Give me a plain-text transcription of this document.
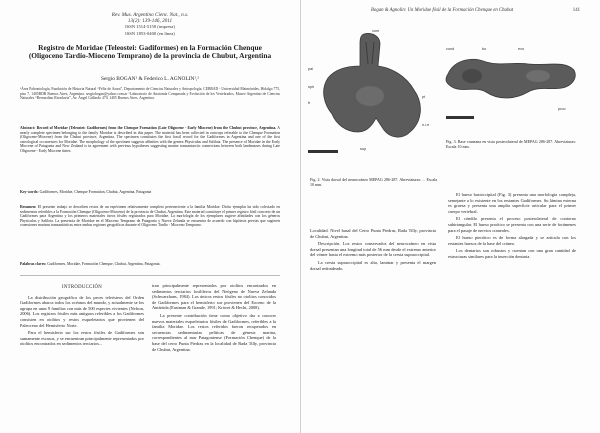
Rev. Mus. Argentino Cienc. Nat., n.s.
13(2): 139-146, 2011
ISSN 1514-5158 (impresa)
ISSN 1853-0400 (en línea)
Registro de Moridae (Teleostei: Gadiformes) en la Formación Chenque (Oligoceno Tardío-Mioceno Temprano) de la provincia de Chubut, Argentina
Sergio BOGAN¹ & Federico L. AGNOLIN¹,²
¹Área Paleontología, Fundación de Historia Natural “Félix de Azara”, Departamento de Ciencias Naturales y Antropología, CEBBAD - Universidad Maimónides, Hidalgo 775, piso 7, 1405BDB Buenos Aires, Argentina. sergiobogan@yahoo.com.ar ²Laboratorio de Anatomía Comparada y Evolución de los Vertebrados, Museo Argentino de Ciencias Naturales “Bernardino Rivadavia”, Av. Ángel Gallardo 470, 1405 Buenos Aires, Argentina.
Abstract: Record of Moridae (Teleostei: Gadiformes) from the Chenque Formation (Late Oligocene - Early Miocene) from the Chubut province, Argentina. A nearly complete specimen belonging to the family Moridae is described in this paper. The material has been collected in outcrops referable to the Chenque Formation (Oligocene-Miocene) from the Chubut province, Argentina. The specimen constitutes the first fossil record for the Gadiformes in Argentina and one of the first osteological occurrences for Moridae. The morphology of the specimen suggests affinities with the genera Physiculus and Salilota. The presence of Moridae in the Early Miocene of Patagonia and New Zealand is in agreement with previous hypotheses suggesting marine transantarctic connections between both landmasses during Late Oligocene - Early Miocene times.
Key words: Gadiformes, Moridae, Chenque Formation, Chubut, Argentina, Patagonia
Resumen: El presente trabajo se describen restos de un espécimen relativamente completo perteneciente a la familia Moridae. Dicho ejemplar ha sido colectado en sedimentos referibles a la Formación Chenque (Oligoceno-Mioceno) de la provincia de Chubut, Argentina. Este material constituye el primer registro fósil concreto de un Gadiformes para Argentina y los primeros materiales óseos fósiles registrados para Moridae. La morfología de los ejemplares sugiere afinidades con los géneros Physiculus y Salilota. La presencia de Moridae en el Mioceno Temprano de Patagonia y Nueva Zelanda se encuentra de acuerdo con hipótesis previas que sugieren conexiones marinas transantárticas entre ambas regiones geográficas durante el Oligoceno Tardío - Mioceno Temprano.
Palabras claves: Gadiformes, Moridae, Formación Chenque, Chubut, Argentina, Patagonia.
INTRODUCCIÓN

La distribución geográfica de los peces teleósteos del Orden Gadiformes abarca todos los océanos del mundo, y actualmente se los agrupa en unas 9 familias con más de 500 especies vivientes (Nelson, 2006). Los registros fósiles más antiguos referibles a los Gadiformes consisten en otolitos y restos esqueletarios que provienen del Paleoceno del Hemisferio Norte.

Para el hemisferio sur los restos fósiles de Gadiformes son sumamente escasos, y se encuentran principalmente representados por otolitos encontrados en sedimentos terciarios...

tran principalmente representados por otolitos encontrados en sedimentos terciarios fosilíferos del Neógeno de Nueva Zelanda (Schwarzhans, 1984). Los únicos restos fósiles no otolitos conocidos de Gadiformes para el hemisferio sur provienen del Eoceno de la Antártida (Eastman & Grande, 1991; Kriwet & Hecht, 2008).

La presente contribución tiene como objetivo dar a conocer nuevos materiales esqueletarios fósiles de Gadiformes, referibles a la familia Moridae. Los restos referidos fueron recuperados en secuencias sedimentarias pelíticas de génesis marina, correspondientes al mar Patagoniense (Formación Chenque) de la base del cerro Punta Piedras en la localidad de Rada Tilly, provincia de Chubut, Argentina.

Bogan & Agnolin: Un Moridae fósil de la Formación Chenque en Chubut	141
vom
pal
sph
fr
pt
sup
n.i.e
Fig. 2. Vista dorsal del neurocráneo MEPAG 286-287. Abreviaturas: ... Escala 10 mm.
cond	bo	exo
proo
Fig. 3. Base craneana en vista posterolateral de MEPAG 286-287. Abreviaturas: Escala 10 mm.

Localidad. Nivel basal del Cerro Punta Piedras, Rada Tilly, provincia de Chubut, Argentina.

Descripción. Los restos conservados del neurocráneo en vista dorsal presentan una longitud total de 56 mm desde el extremo anterior del vómer hasta el extremo más posterior de la cresta supraoccipital.

La cresta supraoccipital es alta, laminar y presenta el margen dorsal redondeado.

El hueso basioccipital (Fig. 3) presenta una morfología compleja, semejante a lo existente en los restantes Gadiformes. Su lámina externa es gruesa y presenta una amplia superficie articular para el primer cuerpo vertebral.

El cóndilo presenta el proceso posterolateral de contorno subtriangular. El hueso proótico se presenta con una serie de forámenes para el pasaje de nervios craneales.

El hueso pterótico es de forma alargada y se articula con los restantes huesos de la base del cráneo.

Los dentarios son robustos y cuentan con una gran cantidad de estructuras similares para la inserción dentaria.
